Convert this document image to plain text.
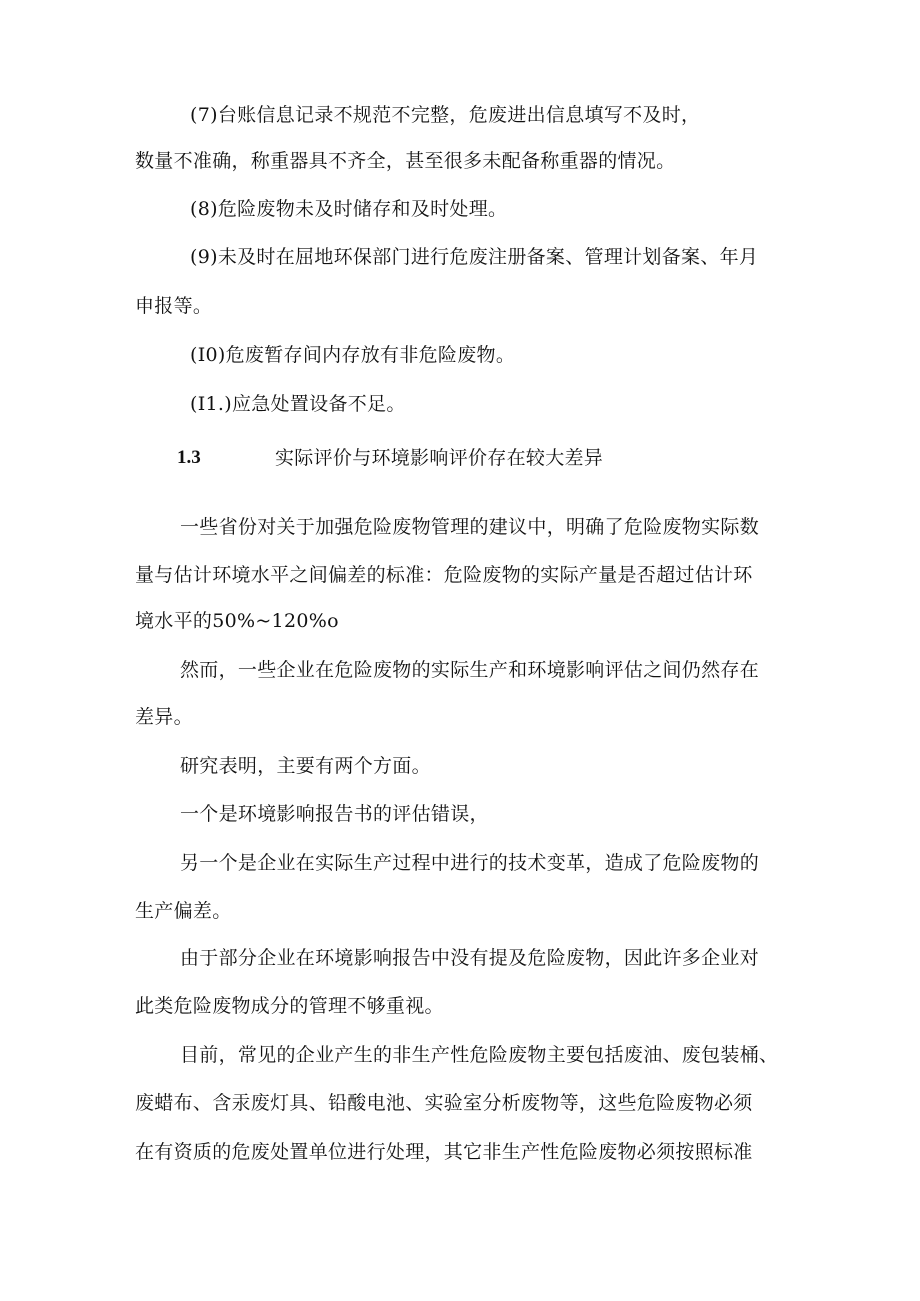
(7)台账信息记录不规范不完整，危废进出信息填写不及时，

数量不准确，称重器具不齐全，甚至很多未配备称重器的情况。

(8)危险废物未及时储存和及时处理。

(9)未及时在屈地环保部门进行危废注册备案、管理计划备案、年月

申报等。

(I0)危废暂存间内存放有非危险废物。

(I1.)应急处置设备不足。

1.3	实际评价与环境影响评价存在较大差异

一些省份对关于加强危险废物管理的建议中，明确了危险废物实际数

量与估计环境水平之间偏差的标准：危险废物的实际产量是否超过估计环

境水平的50%~120%o

然而，一些企业在危险废物的实际生产和环境影响评估之间仍然存在

差异。

研究表明，主要有两个方面。

一个是环境影响报告书的评估错误，

另一个是企业在实际生产过程中进行的技术变革，造成了危险废物的

生产偏差。

由于部分企业在环境影响报告中没有提及危险废物，因此许多企业对

此类危险废物成分的管理不够重视。

目前，常见的企业产生的非生产性危险废物主要包括废油、废包装桶、

废蜡布、含汞废灯具、铅酸电池、实验室分析废物等，这些危险废物必须

在有资质的危废处置单位进行处理，其它非生产性危险废物必须按照标准
